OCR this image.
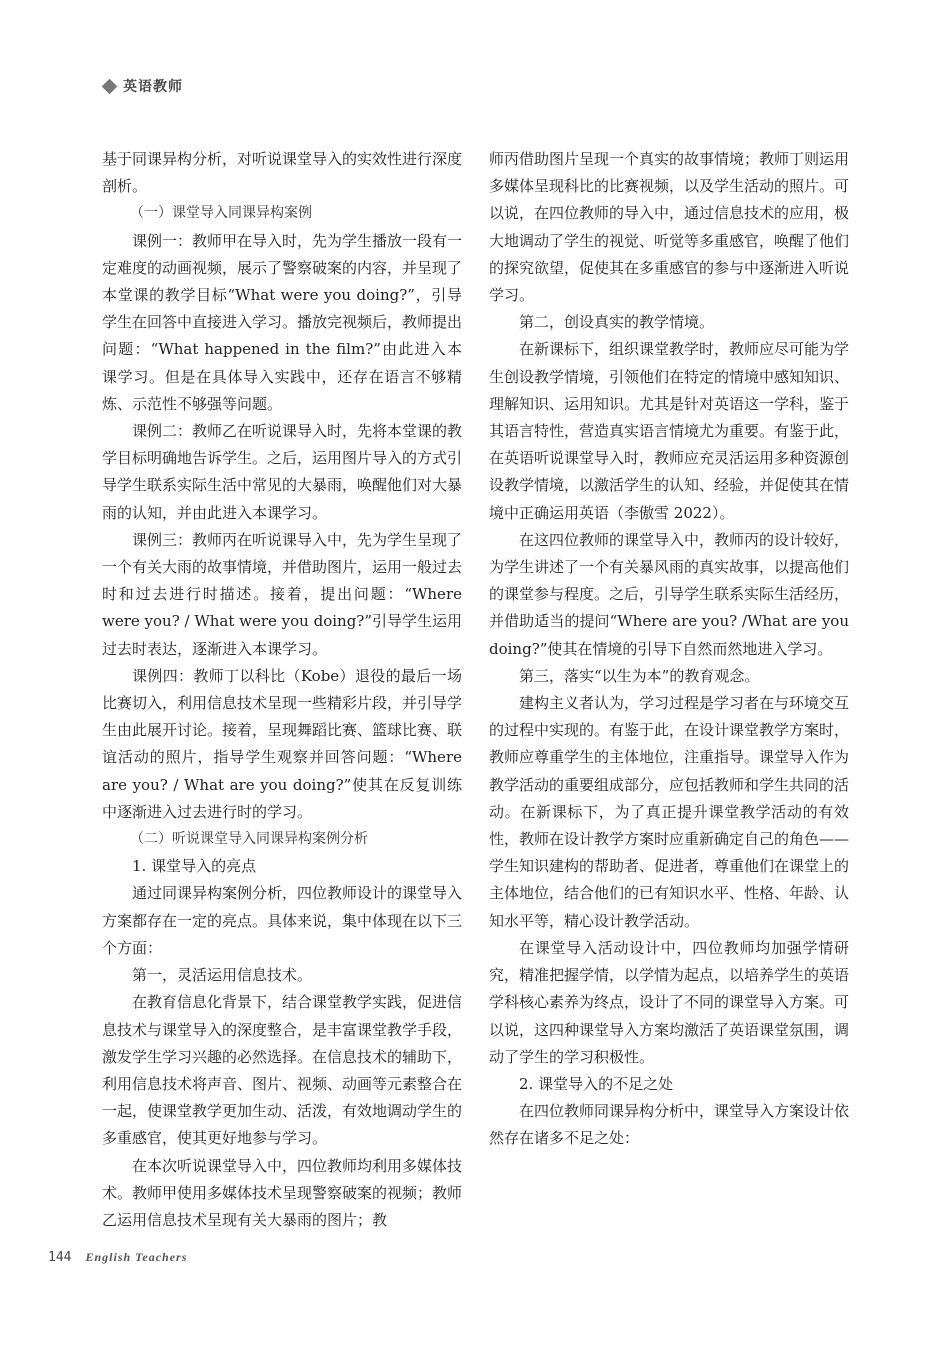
英语教师

基于同课异构分析，对听说课堂导入的实效性进行深度剖析。

（一）课堂导入同课异构案例

课例一：教师甲在导入时，先为学生播放一段有一定难度的动画视频，展示了警察破案的内容，并呈现了本堂课的教学目标“What were you doing?”，引导学生在回答中直接进入学习。播放完视频后，教师提出问题：“What happened in the film?”由此进入本课学习。但是在具体导入实践中，还存在语言不够精炼、示范性不够强等问题。

课例二：教师乙在听说课导入时，先将本堂课的教学目标明确地告诉学生。之后，运用图片导入的方式引导学生联系实际生活中常见的大暴雨，唤醒他们对大暴雨的认知，并由此进入本课学习。

课例三：教师丙在听说课导入中，先为学生呈现了一个有关大雨的故事情境，并借助图片，运用一般过去时和过去进行时描述。接着，提出问题：“Where were you? / What were you doing?”引导学生运用过去时表达，逐渐进入本课学习。

课例四：教师丁以科比（Kobe）退役的最后一场比赛切入，利用信息技术呈现一些精彩片段，并引导学生由此展开讨论。接着，呈现舞蹈比赛、篮球比赛、联谊活动的照片，指导学生观察并回答问题：“Where are you? / What are you doing?”使其在反复训练中逐渐进入过去进行时的学习。

（二）听说课堂导入同课异构案例分析

1. 课堂导入的亮点

通过同课异构案例分析，四位教师设计的课堂导入方案都存在一定的亮点。具体来说，集中体现在以下三个方面：

第一，灵活运用信息技术。

在教育信息化背景下，结合课堂教学实践，促进信息技术与课堂导入的深度整合，是丰富课堂教学手段，激发学生学习兴趣的必然选择。在信息技术的辅助下，利用信息技术将声音、图片、视频、动画等元素整合在一起，使课堂教学更加生动、活泼，有效地调动学生的多重感官，使其更好地参与学习。

在本次听说课堂导入中，四位教师均利用多媒体技术。教师甲使用多媒体技术呈现警察破案的视频；教师乙运用信息技术呈现有关大暴雨的图片；教

师丙借助图片呈现一个真实的故事情境；教师丁则运用多媒体呈现科比的比赛视频，以及学生活动的照片。可以说，在四位教师的导入中，通过信息技术的应用，极大地调动了学生的视觉、听觉等多重感官，唤醒了他们的探究欲望，促使其在多重感官的参与中逐渐进入听说学习。

第二，创设真实的教学情境。

在新课标下，组织课堂教学时，教师应尽可能为学生创设教学情境，引领他们在特定的情境中感知知识、理解知识、运用知识。尤其是针对英语这一学科，鉴于其语言特性，营造真实语言情境尤为重要。有鉴于此，在英语听说课堂导入时，教师应充灵活运用多种资源创设教学情境，以激活学生的认知、经验，并促使其在情境中正确运用英语（李傲雪 2022）。

在这四位教师的课堂导入中，教师丙的设计较好，为学生讲述了一个有关暴风雨的真实故事，以提高他们的课堂参与程度。之后，引导学生联系实际生活经历，并借助适当的提问“Where are you? /What are you doing?”使其在情境的引导下自然而然地进入学习。

第三，落实“以生为本”的教育观念。

建构主义者认为，学习过程是学习者在与环境交互的过程中实现的。有鉴于此，在设计课堂教学方案时，教师应尊重学生的主体地位，注重指导。课堂导入作为教学活动的重要组成部分，应包括教师和学生共同的活动。在新课标下，为了真正提升课堂教学活动的有效性，教师在设计教学方案时应重新确定自己的角色——学生知识建构的帮助者、促进者，尊重他们在课堂上的主体地位，结合他们的已有知识水平、性格、年龄、认知水平等，精心设计教学活动。

在课堂导入活动设计中，四位教师均加强学情研究，精准把握学情，以学情为起点，以培养学生的英语学科核心素养为终点，设计了不同的课堂导入方案。可以说，这四种课堂导入方案均激活了英语课堂氛围，调动了学生的学习积极性。

2. 课堂导入的不足之处

在四位教师同课异构分析中，课堂导入方案设计依然存在诸多不足之处：

144 English Teachers
